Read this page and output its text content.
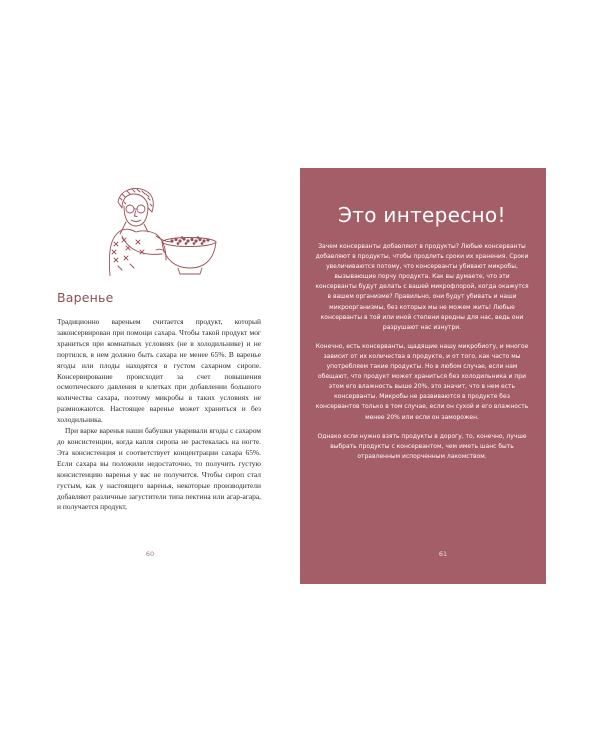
Варенье

Традиционно вареньем считается продукт, который законсервирован при помощи сахара. Чтобы такой продукт мог храниться при комнатных условиях (не в холодильнике) и не портился, в нем должно быть сахара не менее 65%. В варенье ягоды или плоды находятся в густом сахарном сиропе. Консервирование происходит за счет повышения осмотического давления в клетках при добавлении большого количества сахара, поэтому микробы в таких условиях не размножаются. Настоящее варенье может храниться и без холодильника.

При варке варенья наши бабушки уваривали ягоды с сахаром до консистенции, когда капля сиропа не растекалась на ногте. Эта консистенция и соответствует концентрации сахара 65%. Если сахара вы положили недостаточно, то получить густую консистенцию варенья у вас не получится. Чтобы сироп стал густым, как у настоящего варенья, некоторые производители добавляют различные загустители типа пектина или агар-агара, и получается продукт,

60
Это интересно!

Зачем консерванты добавляют в продукты? Любые консерванты добавляют в продукты, чтобы продлить сроки их хранения. Сроки увеличиваются потому, что консерванты убивают микробы, вызывающие порчу продукта. Как вы думаете, что эти консерванты будут делать с вашей микрофлорой, когда окажутся в вашем организме? Правильно, они будут убивать и наши микроорганизмы, без которых мы не можем жить! Любые консерванты в той или иной степени вредны для нас, ведь они разрушают нас изнутри.

Конечно, есть консерванты, щадящие нашу микробиоту, и многое зависит от их количества в продукте, и от того, как часто мы употребляем такие продукты. Но в любом случае, если нам обещают, что продукт может храниться без холодильника и при этом его влажность выше 20%, это значит, что в нем есть консерванты. Микробы не развиваются в продукте без консервантов только в том случае, если он сухой и его влажность менее 20% или если он заморожен.

Однако если нужно взять продукты в дорогу, то, конечно, лучше выбрать продукты с консервантом, чем иметь шанс быть отравленным испорченным лакомством.

61
